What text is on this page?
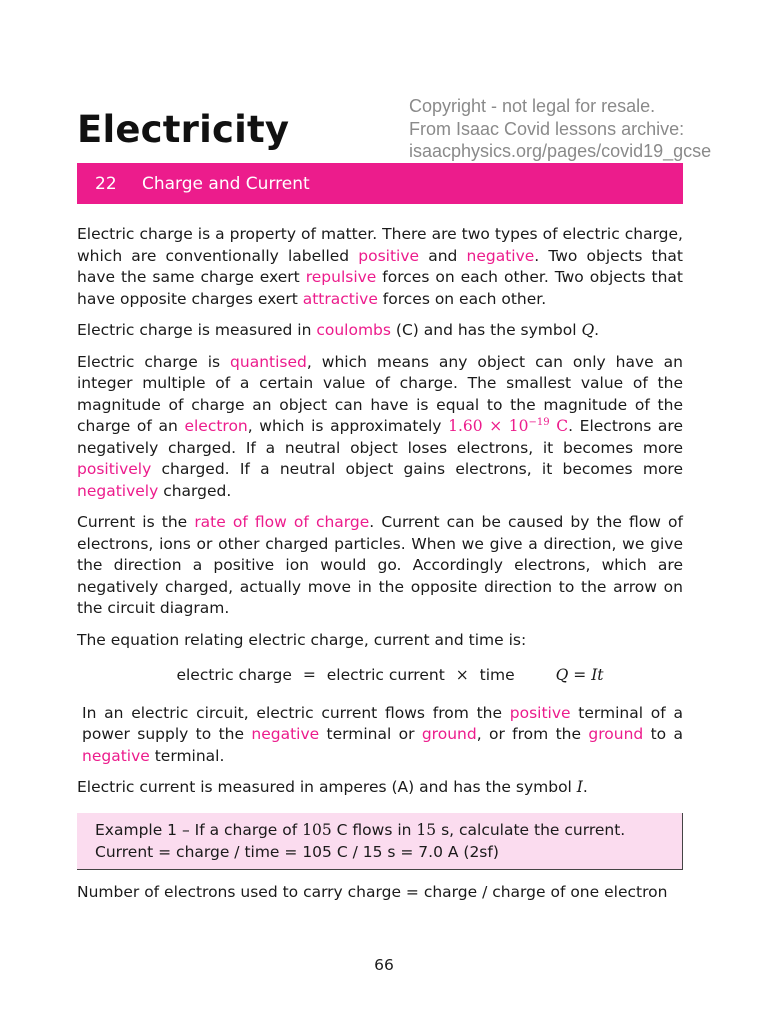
Electricity
Copyright - not legal for resale.
From Isaac Covid lessons archive:
isaacphysics.org/pages/covid19_gcse
22	Charge and Current

Electric charge is a property of matter. There are two types of electric charge, which are conventionally labelled positive and negative. Two objects that have the same charge exert repulsive forces on each other. Two objects that have opposite charges exert attractive forces on each other.

Electric charge is measured in coulombs (C) and has the symbol Q.

Electric charge is quantised, which means any object can only have an integer multiple of a certain value of charge. The smallest value of the magnitude of charge an object can have is equal to the magnitude of the charge of an electron, which is approximately $1.60 \times 10^{-19}$ C. Electrons are negatively charged. If a neutral object loses electrons, it becomes more positively charged. If a neutral object gains electrons, it becomes more negatively charged.

Current is the rate of flow of charge. Current can be caused by the flow of electrons, ions or other charged particles. When we give a direction, we give the direction a positive ion would go. Accordingly electrons, which are negatively charged, actually move in the opposite direction to the arrow on the circuit diagram.

The equation relating electric charge, current and time is:

electric charge = electric current × time	Q = It

In an electric circuit, electric current flows from the positive terminal of a power supply to the negative terminal or ground, or from the ground to a negative terminal.

Electric current is measured in amperes (A) and has the symbol I.

Example 1 – If a charge of 105 C flows in 15 s, calculate the current.
Current = charge / time = 105 C / 15 s = 7.0 A (2sf)

Number of electrons used to carry charge = charge / charge of one electron

66
